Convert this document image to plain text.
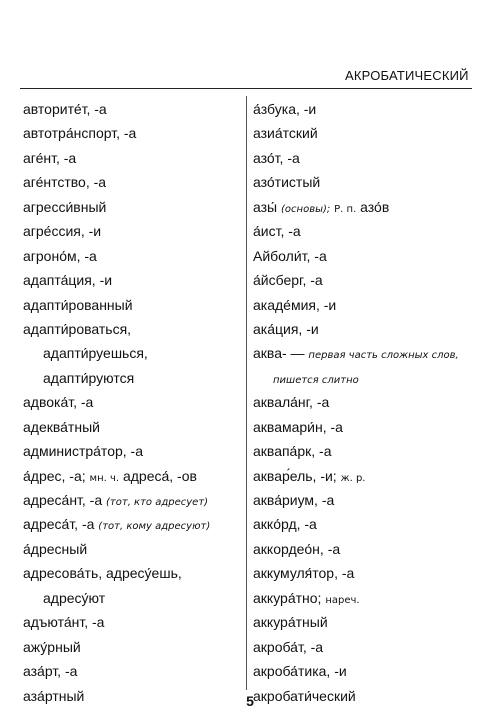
АКРОБАТИЧЕСКИЙ
авторите́т, -а
автотра́нспорт, -а
аге́нт, -а
аге́нтство, -а
агресси́вный
агре́ссия, -и
агроно́м, -а
адапта́ция, -и
адапти́рованный
адапти́роваться,
адапти́руешься,
адапти́руются
адвока́т, -а
адеква́тный
администра́тор, -а
а́дрес, -а; мн. ч. адреса́, -ов
адреса́нт, -а (тот, кто адресует)
адреса́т, -а (тот, кому адресуют)
а́дресный
адресова́ть, адресу́ешь,
адресу́ют
адъюта́нт, -а
ажу́рный
аза́рт, -а
аза́ртный
а́збука, -и
азиа́тский
азо́т, -а
азо́тистый
азы́ (основы); Р. п. азо́в
а́ист, -а
Айболи́т, -а
а́йсберг, -а
акаде́мия, -и
ака́ция, -и
аква- — первая часть сложных слов,
пишется слитно
аквала́нг, -а
аквамари́н, -а
аквапа́рк, -а
аквар́ель, -и; ж. р.
аква́риум, -а
акко́рд, -а
аккордео́н, -а
аккумуля́тор, -а
аккура́тно; нареч.
аккура́тный
акроба́т, -а
акроба́тика, -и
акробати́ческий
5
